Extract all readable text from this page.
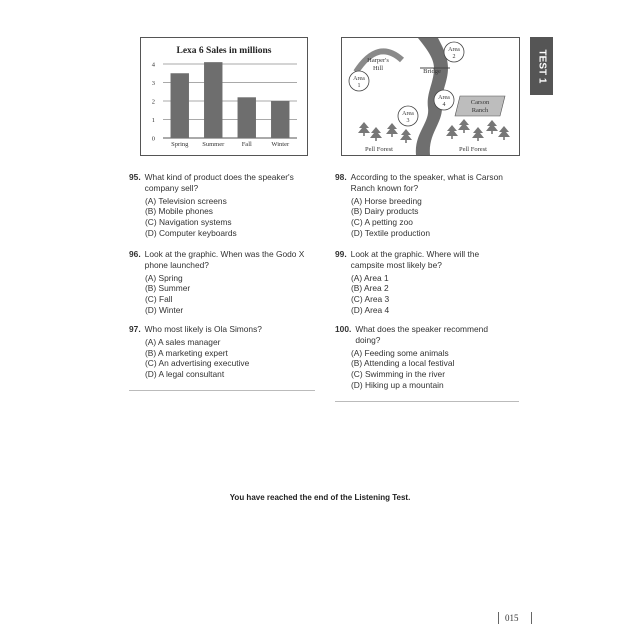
Lexa 6 Sales in millions
0
1
2
3
4
Spring Summer	Fall	Winter
Harper's Hill	Bridge
Carson Ranch
Area
1
Area
2
Area
3
Area
4
Pell Forest	Pell Forest
TEST 1
95. What kind of product does the speaker's company sell?
(A) Television screens
(B) Mobile phones
(C) Navigation systems
(D) Computer keyboards
96. Look at the graphic. When was the Godo X phone launched?
(A) Spring
(B) Summer
(C) Fall
(D) Winter
97. Who most likely is Ola Simons?
(A) A sales manager
(B) A marketing expert
(C) An advertising executive
(D) A legal consultant
98. According to the speaker, what is Carson Ranch known for?
(A) Horse breeding
(B) Dairy products
(C) A petting zoo
(D) Textile production
99. Look at the graphic. Where will the campsite most likely be?
(A) Area 1
(B) Area 2
(C) Area 3
(D) Area 4
100. What does the speaker recommend doing?
(A) Feeding some animals
(B) Attending a local festival
(C) Swimming in the river
(D) Hiking up a mountain
You have reached the end of the Listening Test.
015
